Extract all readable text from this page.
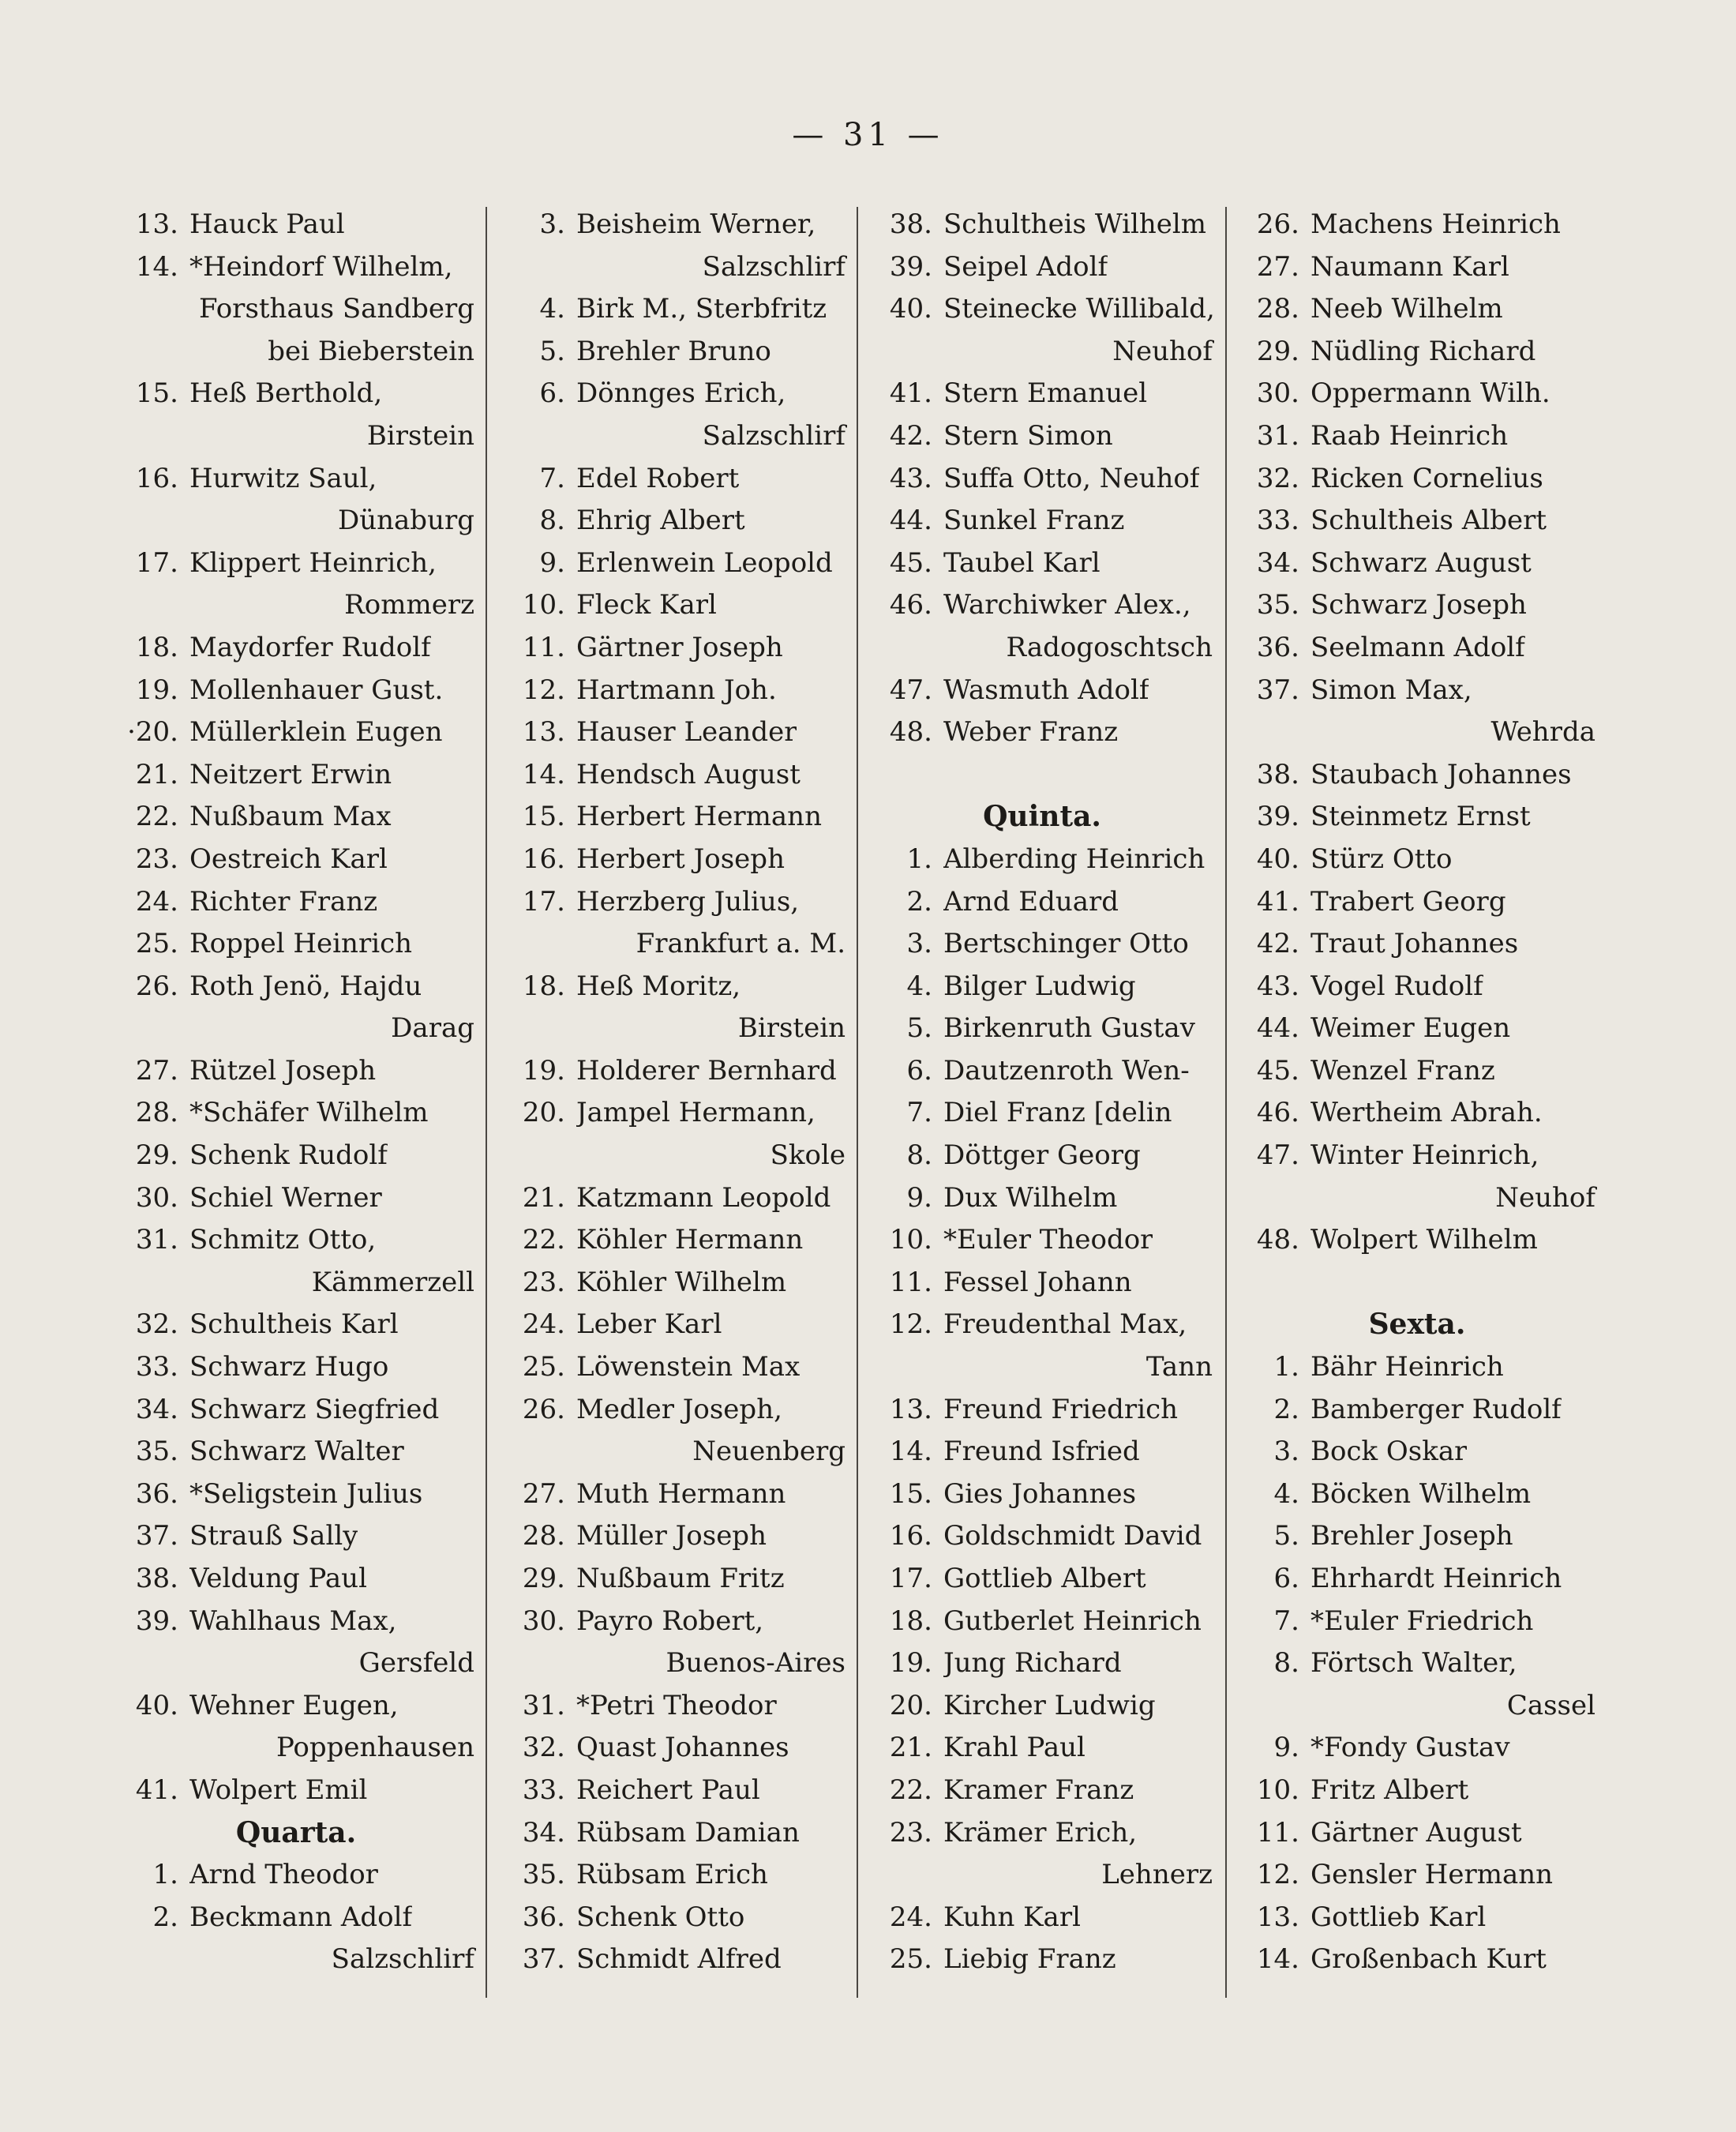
— 31 —
13. Hauck Paul
14. *Heindorf Wilhelm,
Forsthaus Sandberg
bei Bieberstein
15. Heß Berthold,
Birstein
16. Hurwitz Saul,
Dünaburg
17. Klippert Heinrich,
Rommerz
18. Maydorfer Rudolf
19. Mollenhauer Gust.
·20. Müllerklein Eugen
21. Neitzert Erwin
22. Nußbaum Max
23. Oestreich Karl
24. Richter Franz
25. Roppel Heinrich
26. Roth Jenö, Hajdu
Darag
27. Rützel Joseph
28. *Schäfer Wilhelm
29. Schenk Rudolf
30. Schiel Werner
31. Schmitz Otto,
Kämmerzell
32. Schultheis Karl
33. Schwarz Hugo
34. Schwarz Siegfried
35. Schwarz Walter
36. *Seligstein Julius
37. Strauß Sally
38. Veldung Paul
39. Wahlhaus Max,
Gersfeld
40. Wehner Eugen,
Poppenhausen
41. Wolpert Emil
Quarta.
1. Arnd Theodor
2. Beckmann Adolf
Salzschlirf
3. Beisheim Werner,
Salzschlirf
4. Birk M., Sterbfritz
5. Brehler Bruno
6. Dönnges Erich,
Salzschlirf
7. Edel Robert
8. Ehrig Albert
9. Erlenwein Leopold
10. Fleck Karl
11. Gärtner Joseph
12. Hartmann Joh.
13. Hauser Leander
14. Hendsch August
15. Herbert Hermann
16. Herbert Joseph
17. Herzberg Julius,
Frankfurt a. M.
18. Heß Moritz,
Birstein
19. Holderer Bernhard
20. Jampel Hermann,
Skole
21. Katzmann Leopold
22. Köhler Hermann
23. Köhler Wilhelm
24. Leber Karl
25. Löwenstein Max
26. Medler Joseph,
Neuenberg
27. Muth Hermann
28. Müller Joseph
29. Nußbaum Fritz
30. Payro Robert,
Buenos-Aires
31. *Petri Theodor
32. Quast Johannes
33. Reichert Paul
34. Rübsam Damian
35. Rübsam Erich
36. Schenk Otto
37. Schmidt Alfred
38. Schultheis Wilhelm
39. Seipel Adolf
40. Steinecke Willibald,
Neuhof
41. Stern Emanuel
42. Stern Simon
43. Suffa Otto, Neuhof
44. Sunkel Franz
45. Taubel Karl
46. Warchiwker Alex.,
Radogoschtsch
47. Wasmuth Adolf
48. Weber Franz
Quinta.
1. Alberding Heinrich
2. Arnd Eduard
3. Bertschinger Otto
4. Bilger Ludwig
5. Birkenruth Gustav
6. Dautzenroth Wen-
7. Diel Franz [delin
8. Döttger Georg
9. Dux Wilhelm
10. *Euler Theodor
11. Fessel Johann
12. Freudenthal Max,
Tann
13. Freund Friedrich
14. Freund Isfried
15. Gies Johannes
16. Goldschmidt David
17. Gottlieb Albert
18. Gutberlet Heinrich
19. Jung Richard
20. Kircher Ludwig
21. Krahl Paul
22. Kramer Franz
23. Krämer Erich,
Lehnerz
24. Kuhn Karl
25. Liebig Franz
26. Machens Heinrich
27. Naumann Karl
28. Neeb Wilhelm
29. Nüdling Richard
30. Oppermann Wilh.
31. Raab Heinrich
32. Ricken Cornelius
33. Schultheis Albert
34. Schwarz August
35. Schwarz Joseph
36. Seelmann Adolf
37. Simon Max,
Wehrda
38. Staubach Johannes
39. Steinmetz Ernst
40. Stürz Otto
41. Trabert Georg
42. Traut Johannes
43. Vogel Rudolf
44. Weimer Eugen
45. Wenzel Franz
46. Wertheim Abrah.
47. Winter Heinrich,
Neuhof
48. Wolpert Wilhelm
Sexta.
1. Bähr Heinrich
2. Bamberger Rudolf
3. Bock Oskar
4. Böcken Wilhelm
5. Brehler Joseph
6. Ehrhardt Heinrich
7. *Euler Friedrich
8. Förtsch Walter,
Cassel
9. *Fondy Gustav
10. Fritz Albert
11. Gärtner August
12. Gensler Hermann
13. Gottlieb Karl
14. Großenbach Kurt
